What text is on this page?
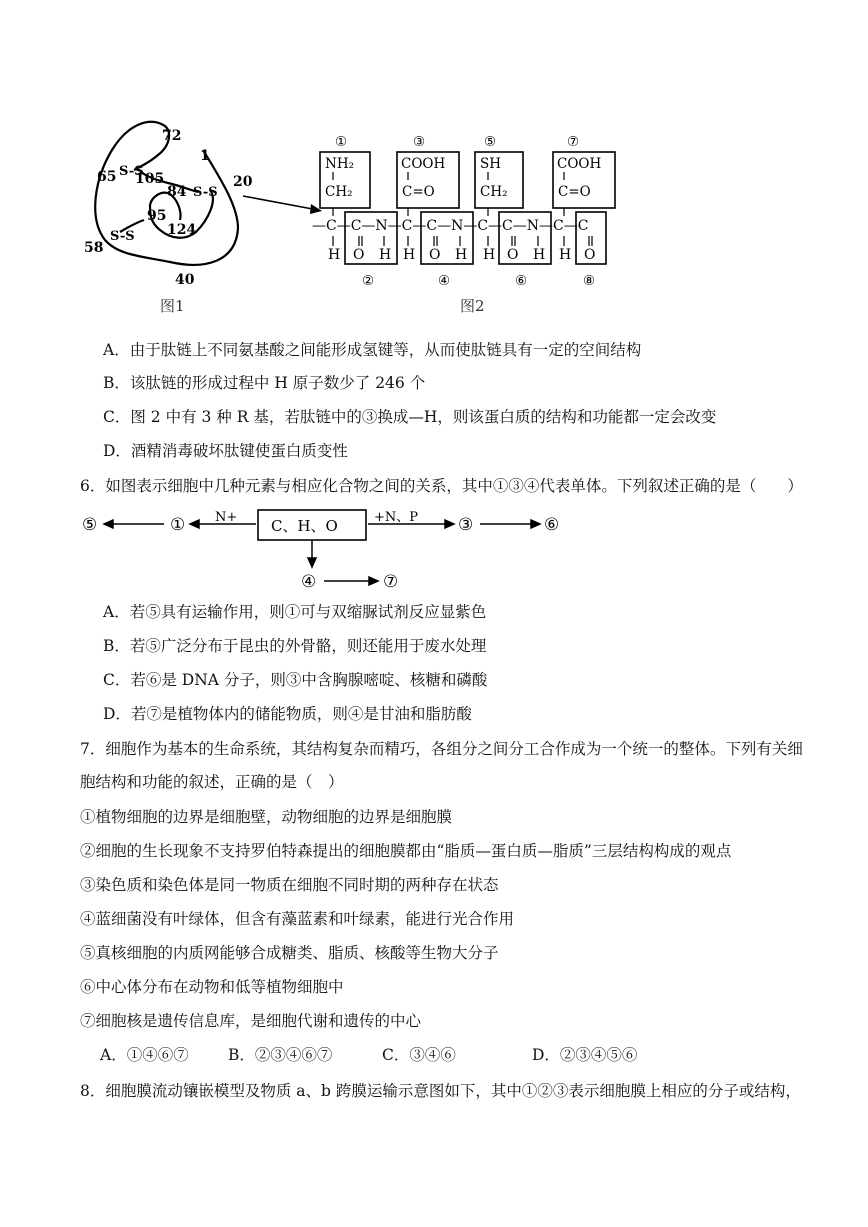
72
1
65 S-S
105
84 S-S
20
95
124
S-S
58
40
图1
①	③	⑤	⑦
NH₂
CH₂
COOH
C=O
SH
CH₂
COOH
C=O
—C—C—N—C—C—N—C—C—N—C—C
H O H H O H H O H H O
②	④	⑥	⑧
图2
A．由于肽链上不同氨基酸之间能形成氢键等，从而使肽链具有一定的空间结构
B．该肽链的形成过程中 H 原子数少了 246 个
C．图 2 中有 3 种 R 基，若肽链中的③换成—H，则该蛋白质的结构和功能都一定会改变
D．酒精消毒破坏肽键使蛋白质变性
6．如图表示细胞中几种元素与相应化合物之间的关系，其中①③④代表单体。下列叙述正确的是（　　）
⑤	①	③	⑥
④	⑦
C、H、O
N+	+N、P
A．若⑤具有运输作用，则①可与双缩脲试剂反应显紫色
B．若⑤广泛分布于昆虫的外骨骼，则还能用于废水处理
C．若⑥是 DNA 分子，则③中含胸腺嘧啶、核糖和磷酸
D．若⑦是植物体内的储能物质，则④是甘油和脂肪酸
7．细胞作为基本的生命系统，其结构复杂而精巧，各组分之间分工合作成为一个统一的整体。下列有关细
胞结构和功能的叙述，正确的是（　）
①植物细胞的边界是细胞壁，动物细胞的边界是细胞膜
②细胞的生长现象不支持罗伯特森提出的细胞膜都由“脂质—蛋白质—脂质”三层结构构成的观点
③染色质和染色体是同一物质在细胞不同时期的两种存在状态
④蓝细菌没有叶绿体，但含有藻蓝素和叶绿素，能进行光合作用
⑤真核细胞的内质网能够合成糖类、脂质、核酸等生物大分子
⑥中心体分布在动物和低等植物细胞中
⑦细胞核是遗传信息库，是细胞代谢和遗传的中心
A．①④⑥⑦	B．②③④⑥⑦	C．③④⑥	D．②③④⑤⑥
8．细胞膜流动镶嵌模型及物质 a、b 跨膜运输示意图如下，其中①②③表示细胞膜上相应的分子或结构，
